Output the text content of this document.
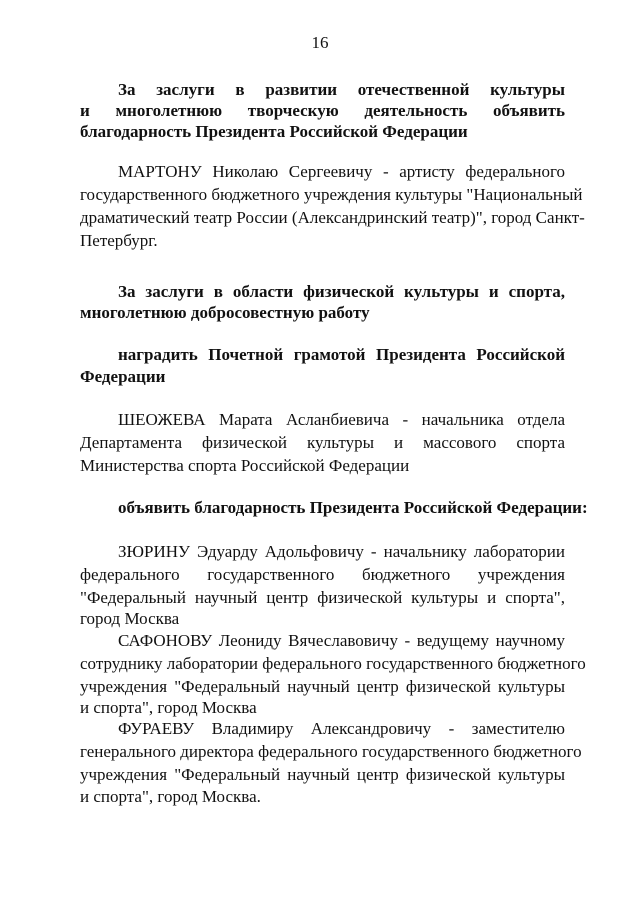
16
За заслуги в развитии отечественной культуры
и многолетнюю творческую деятельность объявить
благодарность Президента Российской Федерации
МАРТОНУ Николаю Сергеевичу - артисту федерального
государственного бюджетного учреждения культуры "Национальный
драматический театр России (Александринский театр)", город Санкт-
Петербург.
За заслуги в области физической культуры и спорта,
многолетнюю добросовестную работу
наградить Почетной грамотой Президента Российской
Федерации
ШЕОЖЕВА Марата Асланбиевича - начальника отдела
Департамента физической культуры и массового спорта
Министерства спорта Российской Федерации
объявить благодарность Президента Российской Федерации:
ЗЮРИНУ Эдуарду Адольфовичу - начальнику лаборатории
федерального государственного бюджетного учреждения
"Федеральный научный центр физической культуры и спорта",
город Москва
САФОНОВУ Леониду Вячеславовичу - ведущему научному
сотруднику лаборатории федерального государственного бюджетного
учреждения "Федеральный научный центр физической культуры
и спорта", город Москва
ФУРАЕВУ Владимиру Александровичу - заместителю
генерального директора федерального государственного бюджетного
учреждения "Федеральный научный центр физической культуры
и спорта", город Москва.
